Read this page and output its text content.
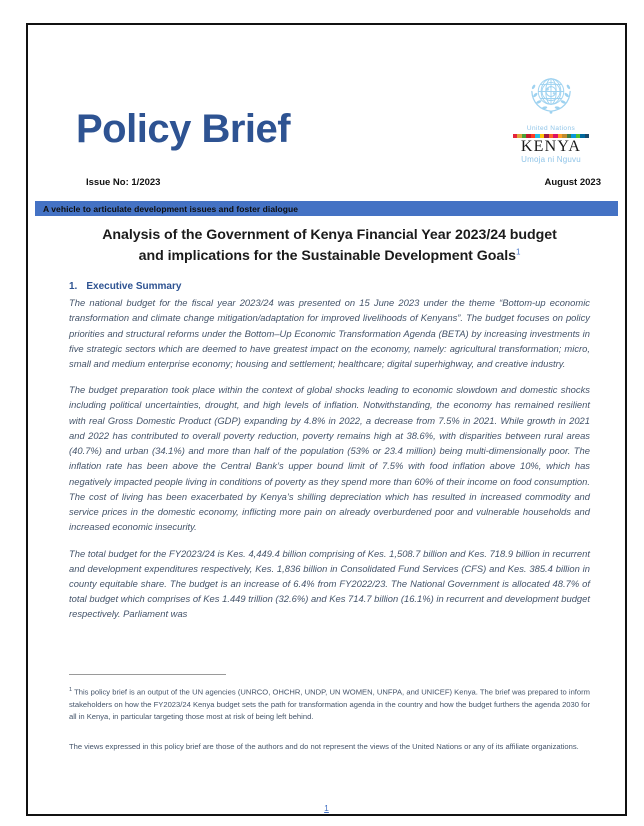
Policy Brief	United Nations
KENYA
Umoja ni Nguvu
Issue No: 1/2023	August 2023
A vehicle to articulate development issues and foster dialogue
Analysis of the Government of Kenya Financial Year 2023/24 budget
and implications for the Sustainable Development Goals$^1$
1. Executive Summary

The national budget for the fiscal year 2023/24 was presented on 15 June 2023 under the theme “Bottom-up economic transformation and climate change mitigation/adaptation for improved livelihoods of Kenyans”. The budget focuses on policy priorities and structural reforms under the Bottom–Up Economic Transformation Agenda (BETA) by increasing investments in five strategic sectors which are deemed to have greatest impact on the economy, namely: agricultural transformation; micro, small and medium enterprise economy; housing and settlement; healthcare; digital superhighway, and creative industry.

The budget preparation took place within the context of global shocks leading to economic slowdown and domestic shocks including political uncertainties, drought, and high levels of inflation. Notwithstanding, the economy has remained resilient with real Gross Domestic Product (GDP) expanding by 4.8% in 2022, a decrease from 7.5% in 2021. While growth in 2021 and 2022 has contributed to overall poverty reduction, poverty remains high at 38.6%, with disparities between rural areas (40.7%) and urban (34.1%) and more than half of the population (53% or 23.4 million) being multi-dimensionally poor. The inflation rate has been above the Central Bank’s upper bound limit of 7.5% with food inflation above 10%, which has negatively impacted people living in conditions of poverty as they spend more than 60% of their income on food consumption. The cost of living has been exacerbated by Kenya’s shilling depreciation which has resulted in increased commodity and service prices in the domestic economy, inflicting more pain on already overburdened poor and vulnerable households and increased economic insecurity.

The total budget for the FY2023/24 is Kes. 4,449.4 billion comprising of Kes. 1,508.7 billion and Kes. 718.9 billion in recurrent and development expenditures respectively, Kes. 1,836 billion in Consolidated Fund Services (CFS) and Kes. 385.4 billion in county equitable share. The budget is an increase of 6.4% from FY2022/23. The National Government is allocated 48.7% of total budget which comprises of Kes 1.449 trillion (32.6%) and Kes 714.7 billion (16.1%) in recurrent and development budget respectively. Parliament was

$^1$ This policy brief is an output of the UN agencies (UNRCO, OHCHR, UNDP, UN WOMEN, UNFPA, and UNICEF) Kenya. The brief was prepared to inform stakeholders on how the FY2023/24 Kenya budget sets the path for transformation agenda in the country and how the budget furthers the agenda 2030 for all in Kenya, in particular targeting those most at risk of being left behind.

The views expressed in this policy brief are those of the authors and do not represent the views of the United Nations or any of its affiliate organizations.

1
